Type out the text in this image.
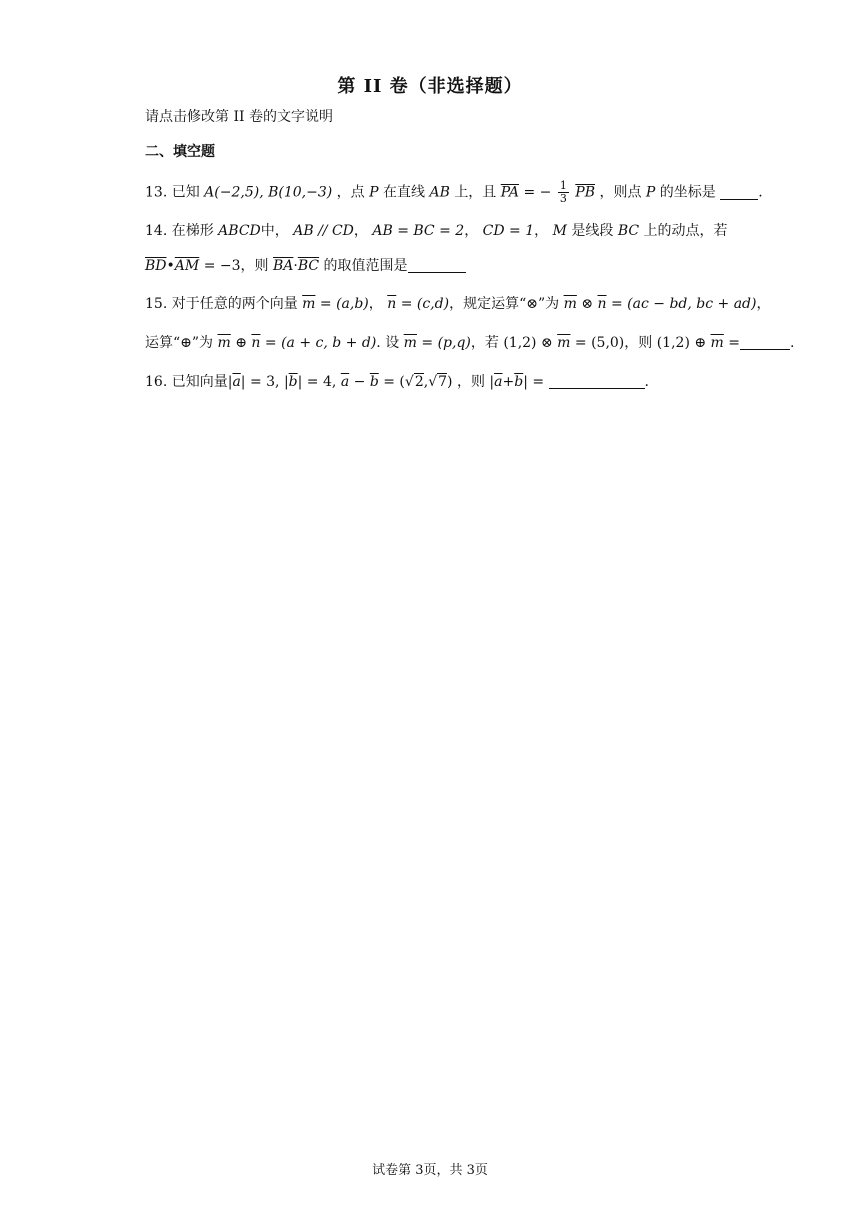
第 II 卷（非选择题）
请点击修改第 II 卷的文字说明
二、填空题
13. 已知 A(−2,5), B(10,−3) ，点 P 在直线 AB 上，且 $\overline{PA}$ = − $\frac{1}{3} \overline{PB}$ ，则点 P 的坐标是	.
14. 在梯形 ABCD中， AB // CD， AB = BC = 2， CD = 1， M 是线段 BC 上的动点，若
$\overline{BD}•\overline{AM} = -3$，则 $\overline{BA}\cdot\overline{BC}$ 的取值范围是
15. 对于任意的两个向量 $\overline{m} = (a,b)$， $\overline{n} = (c,d)$，规定运算“⊗”为 $\overline{m}$ ⊗ $\overline{n} = (ac$ − bd, bc + ad)，
运算“⊕”为 $\overline{m}$ ⊕ $\overline{n} = (a + c$, b + d). 设 $\overline{m} = (p,q)$，若 (1,2) ⊗ $\overline{m} = (5,0)$，则 (1,2) ⊕ $\overline{m}$ =	.
16. 已知向量$|\overline{a}| = 3$, $|\overline{b}| = 4$, $\overline{a} - \overline{b} = (√2,√7)$ ，则 $|\overline{a}+\overline{b}|$ =	.
试卷第 3页，共 3页
